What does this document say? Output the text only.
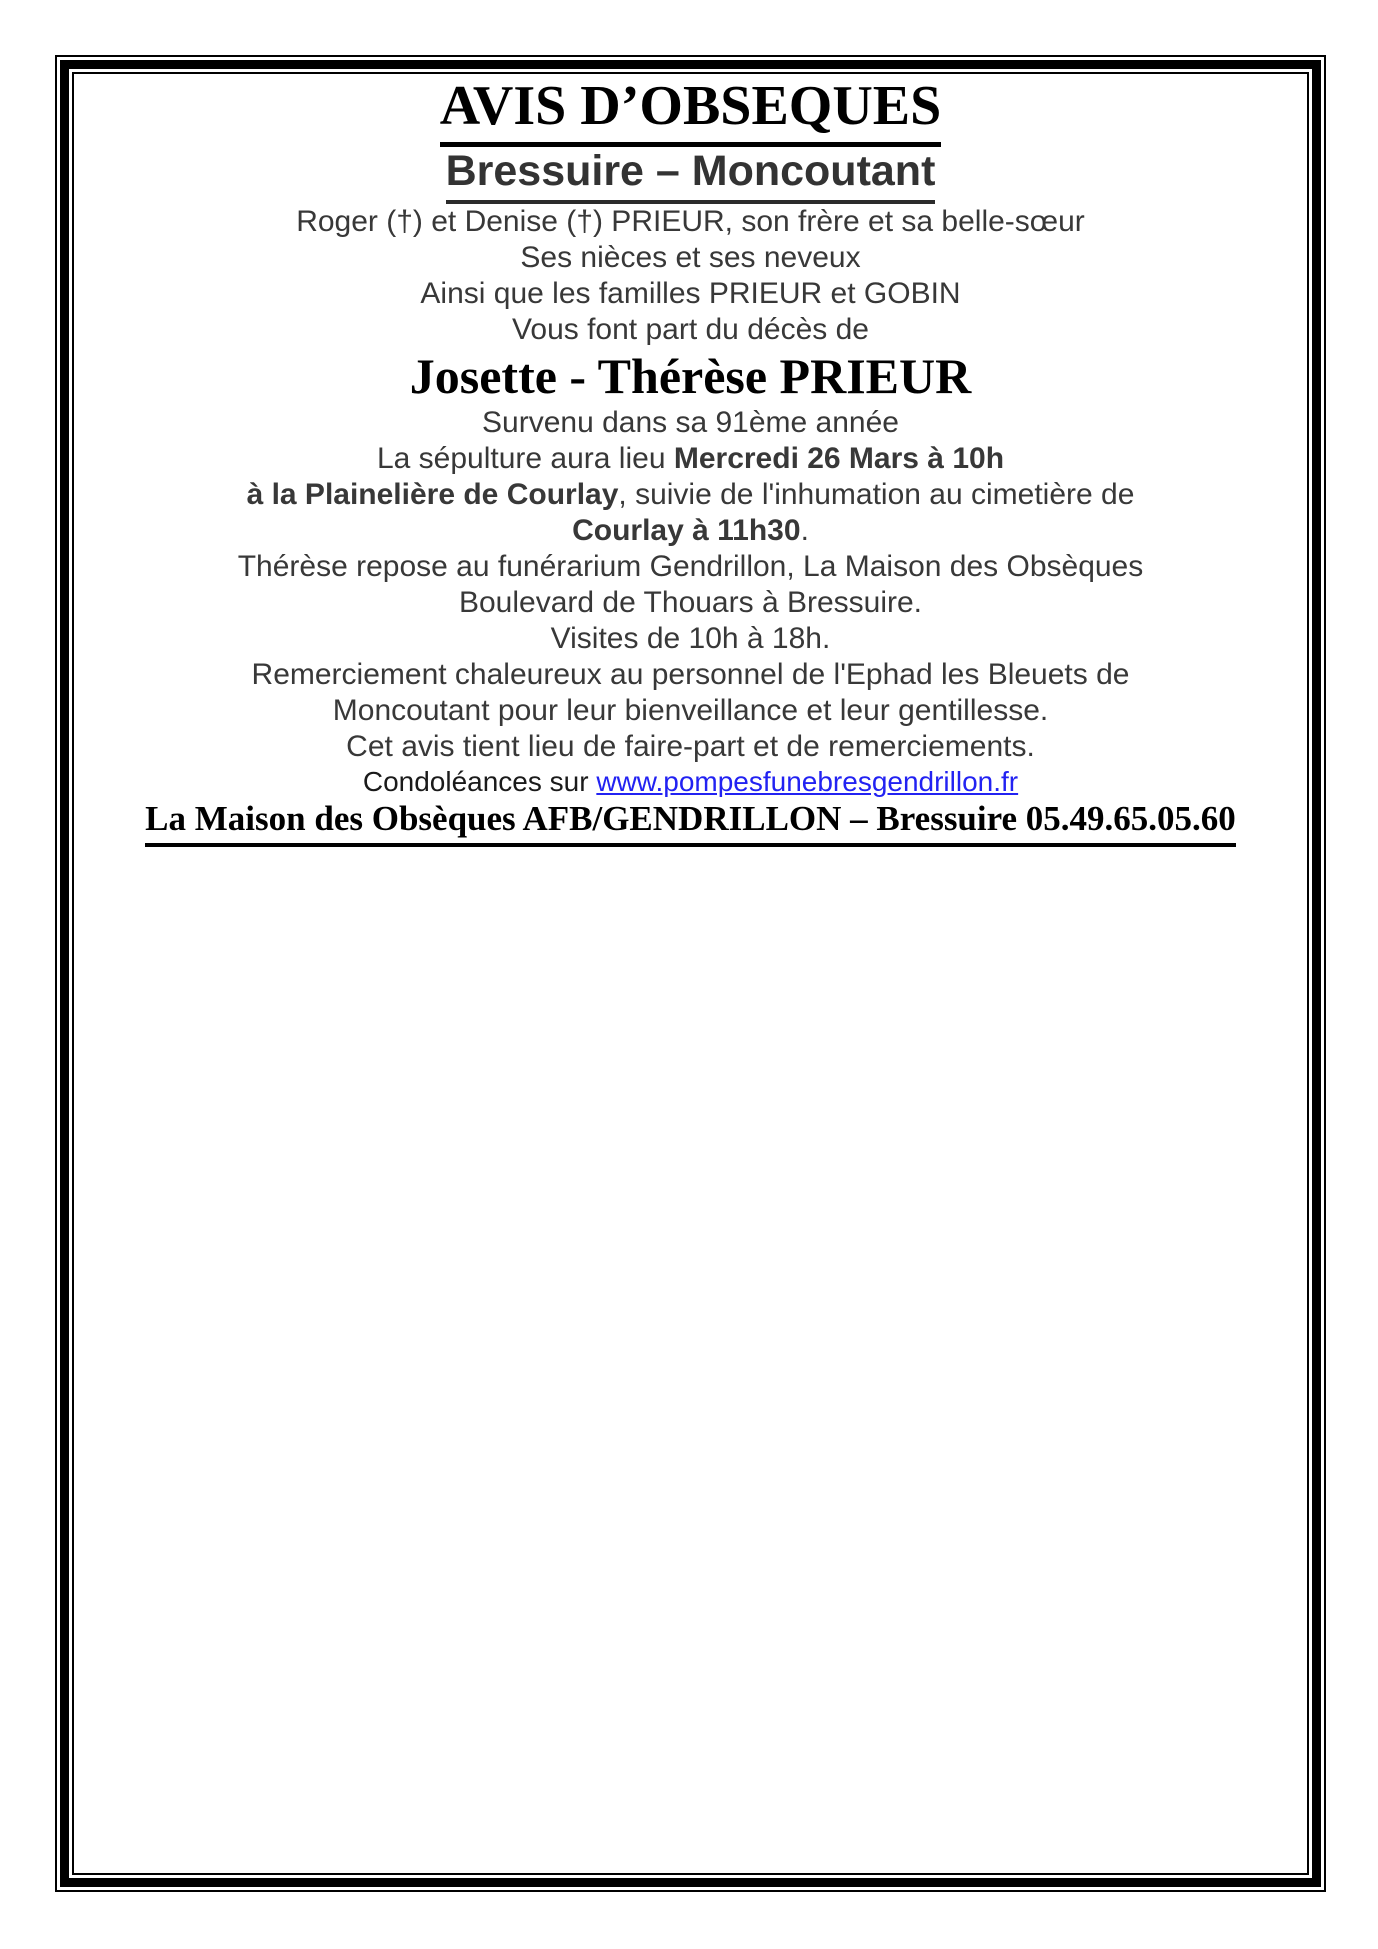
AVIS D’OBSEQUES

Bressuire – Moncoutant

Roger (†) et Denise (†) PRIEUR, son frère et sa belle-sœur

Ses nièces et ses neveux

Ainsi que les familles PRIEUR et GOBIN

Vous font part du décès de

Josette - Thérèse PRIEUR

Survenu dans sa 91ème année

La sépulture aura lieu Mercredi 26 Mars à 10h
à la Plainelière de Courlay, suivie de l'inhumation au cimetière de
Courlay à 11h30.

Thérèse repose au funérarium Gendrillon, La Maison des Obsèques
Boulevard de Thouars à Bressuire.
Visites de 10h à 18h.

Remerciement chaleureux au personnel de l'Ephad les Bleuets de
Moncoutant pour leur bienveillance et leur gentillesse.

Cet avis tient lieu de faire-part et de remerciements.

Condoléances sur www.pompesfunebresgendrillon.fr

La Maison des Obsèques AFB/GENDRILLON – Bressuire 05.49.65.05.60
